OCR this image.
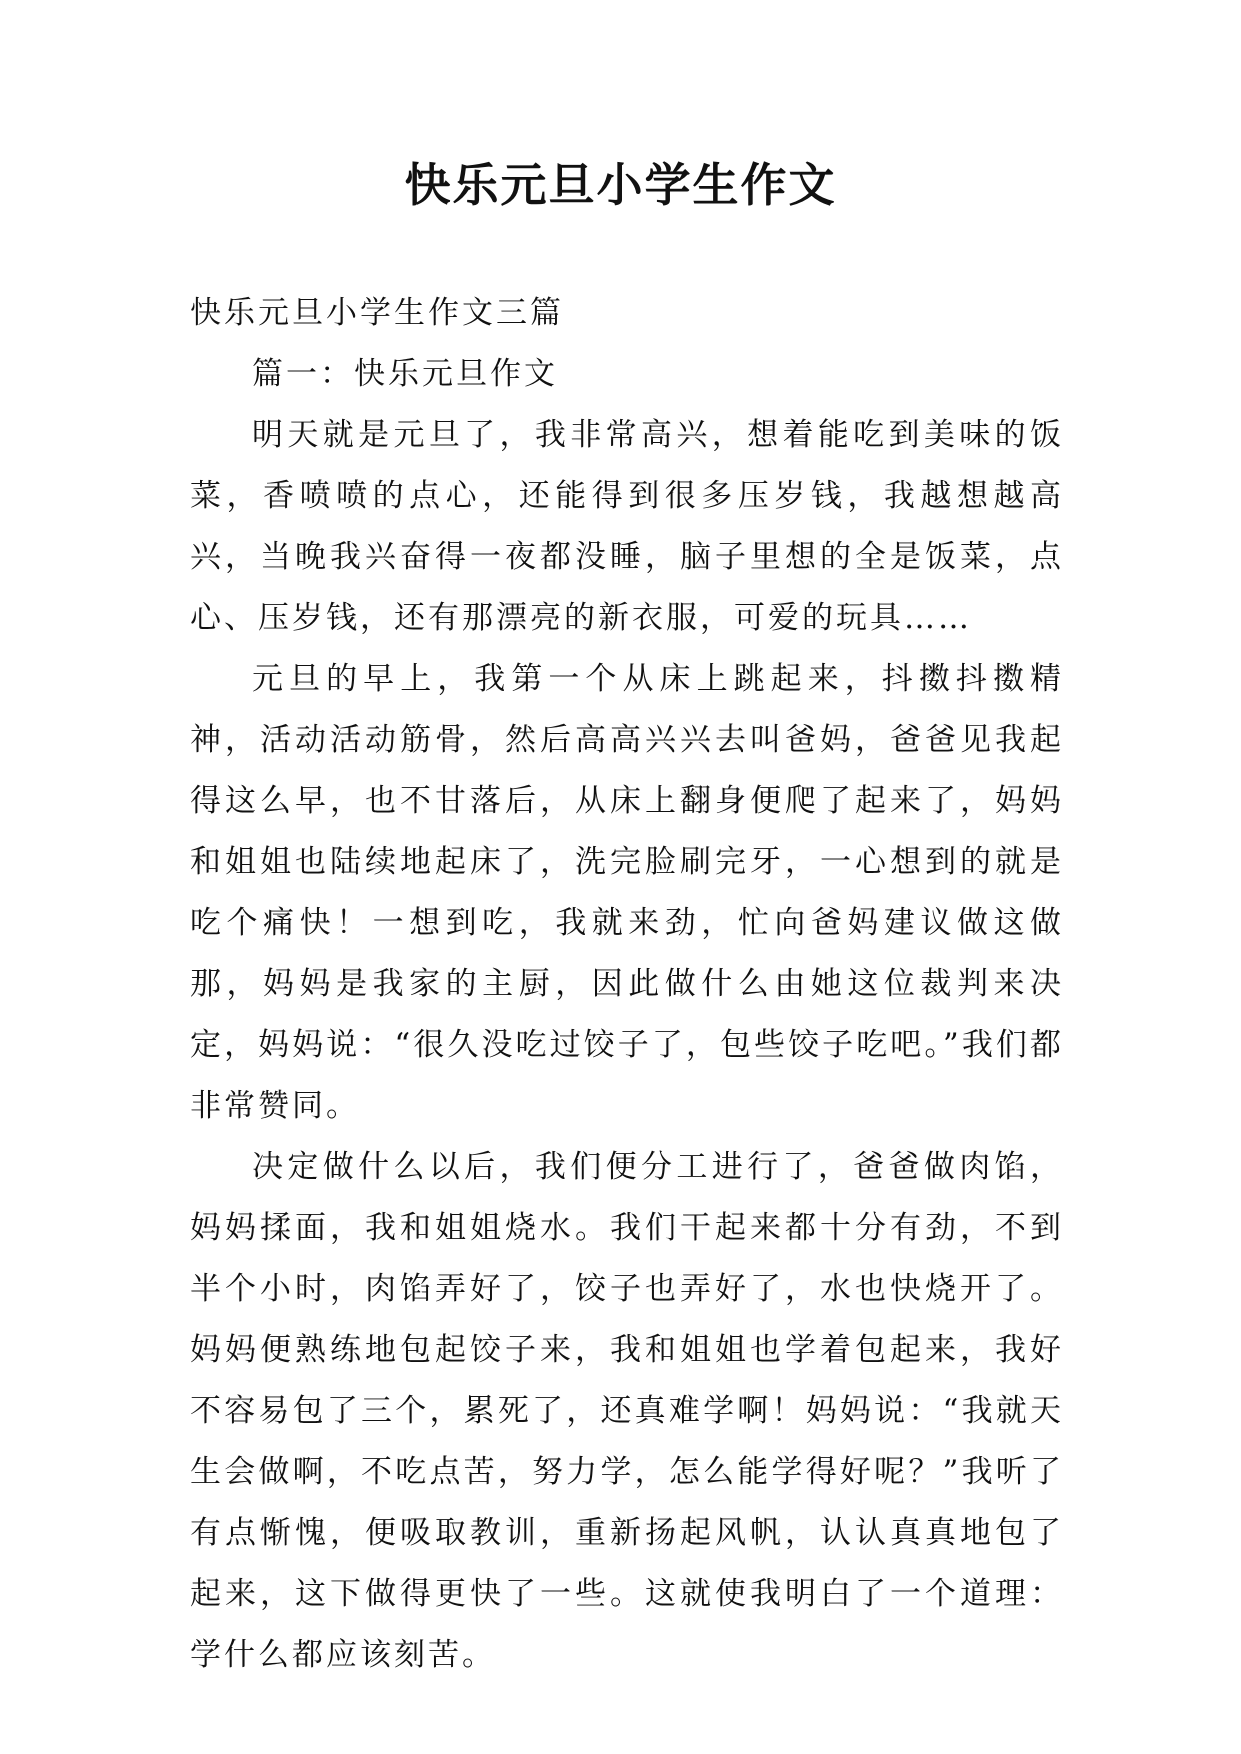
快乐元旦小学生作文

快乐元旦小学生作文三篇

篇一：快乐元旦作文

明天就是元旦了，我非常高兴，想着能吃到美味的饭菜，香喷喷的点心，还能得到很多压岁钱，我越想越高兴，当晚我兴奋得一夜都没睡，脑子里想的全是饭菜，点心、压岁钱，还有那漂亮的新衣服，可爱的玩具……

元旦的早上，我第一个从床上跳起来，抖擞抖擞精神，活动活动筋骨，然后高高兴兴去叫爸妈，爸爸见我起得这么早，也不甘落后，从床上翻身便爬了起来了，妈妈和姐姐也陆续地起床了，洗完脸刷完牙，一心想到的就是吃个痛快！一想到吃，我就来劲，忙向爸妈建议做这做那，妈妈是我家的主厨，因此做什么由她这位裁判来决定，妈妈说：“很久没吃过饺子了，包些饺子吃吧。”我们都非常赞同。

决定做什么以后，我们便分工进行了，爸爸做肉馅，妈妈揉面，我和姐姐烧水。我们干起来都十分有劲，不到半个小时，肉馅弄好了，饺子也弄好了，水也快烧开了。妈妈便熟练地包起饺子来，我和姐姐也学着包起来，我好不容易包了三个，累死了，还真难学啊！妈妈说：“我就天生会做啊，不吃点苦，努力学，怎么能学得好呢？”我听了有点惭愧，便吸取教训，重新扬起风帆，认认真真地包了起来，这下做得更快了一些。这就使我明白了一个道理：学什么都应该刻苦。
